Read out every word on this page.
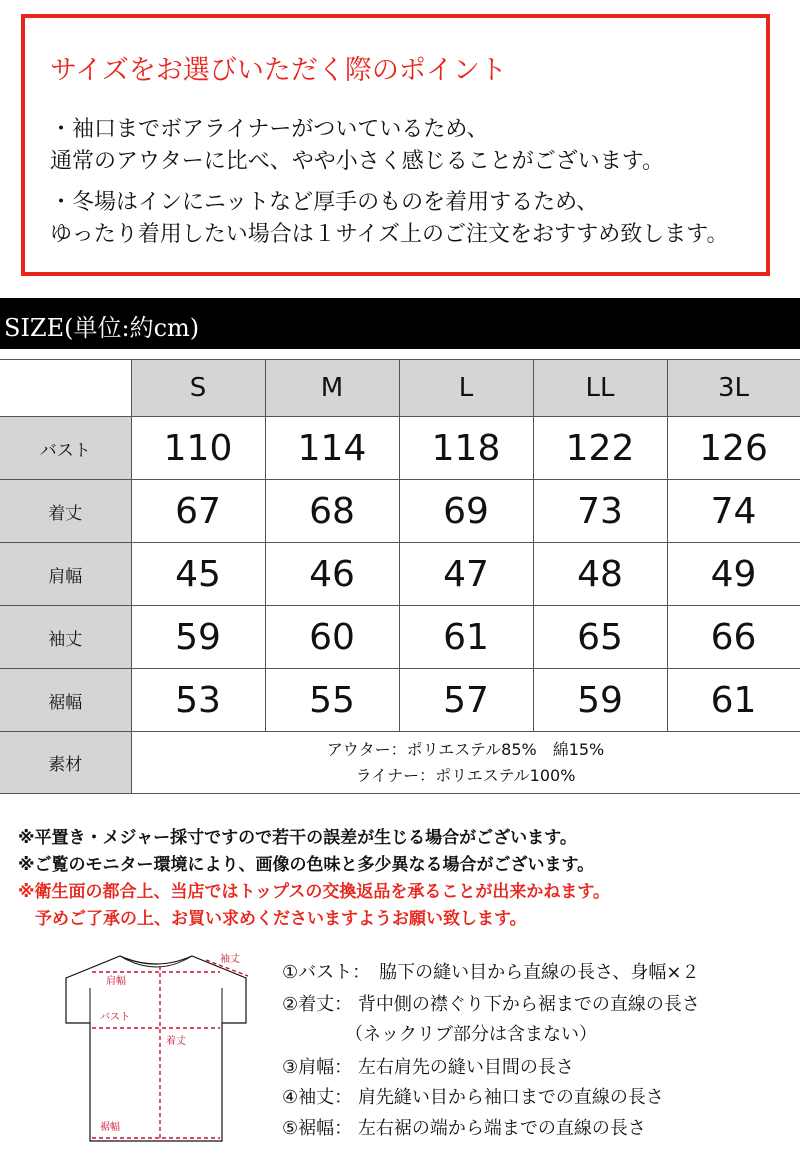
サイズをお選びいただく際のポイント
・袖口までボアライナーがついているため、
通常のアウターに比べ、やや小さく感じることがございます。
・冬場はインにニットなど厚手のものを着用するため、
ゆったり着用したい場合は１サイズ上のご注文をおすすめ致します。
SIZE(単位:約cm)
	S	M	L	LL	3L
バスト	110	114	118	122	126
着丈	67	68	69	73	74
肩幅	45	46	47	48	49
袖丈	59	60	61	65	66
裾幅	53	55	57	59	61
素材	アウター：ポリエステル85%　綿15%
ライナー：ポリエステル100%				
※平置き・メジャー採寸ですので若干の誤差が生じる場合がございます。
※ご覧のモニター環境により、画像の色味と多少異なる場合がございます。
※衛生面の都合上、当店ではトップスの交換返品を承ることが出来かねます。
　予めご了承の上、お買い求めくださいますようお願い致します。
袖丈
肩幅
バスト
着丈
裾幅
①バスト：　脇下の縫い目から直線の長さ、身幅×２
②着丈： 背中側の襟ぐり下から裾までの直線の長さ
　　　　（ネックリブ部分は含まない）
③肩幅： 左右肩先の縫い目間の長さ
④袖丈： 肩先縫い目から袖口までの直線の長さ
⑤裾幅： 左右裾の端から端までの直線の長さ
